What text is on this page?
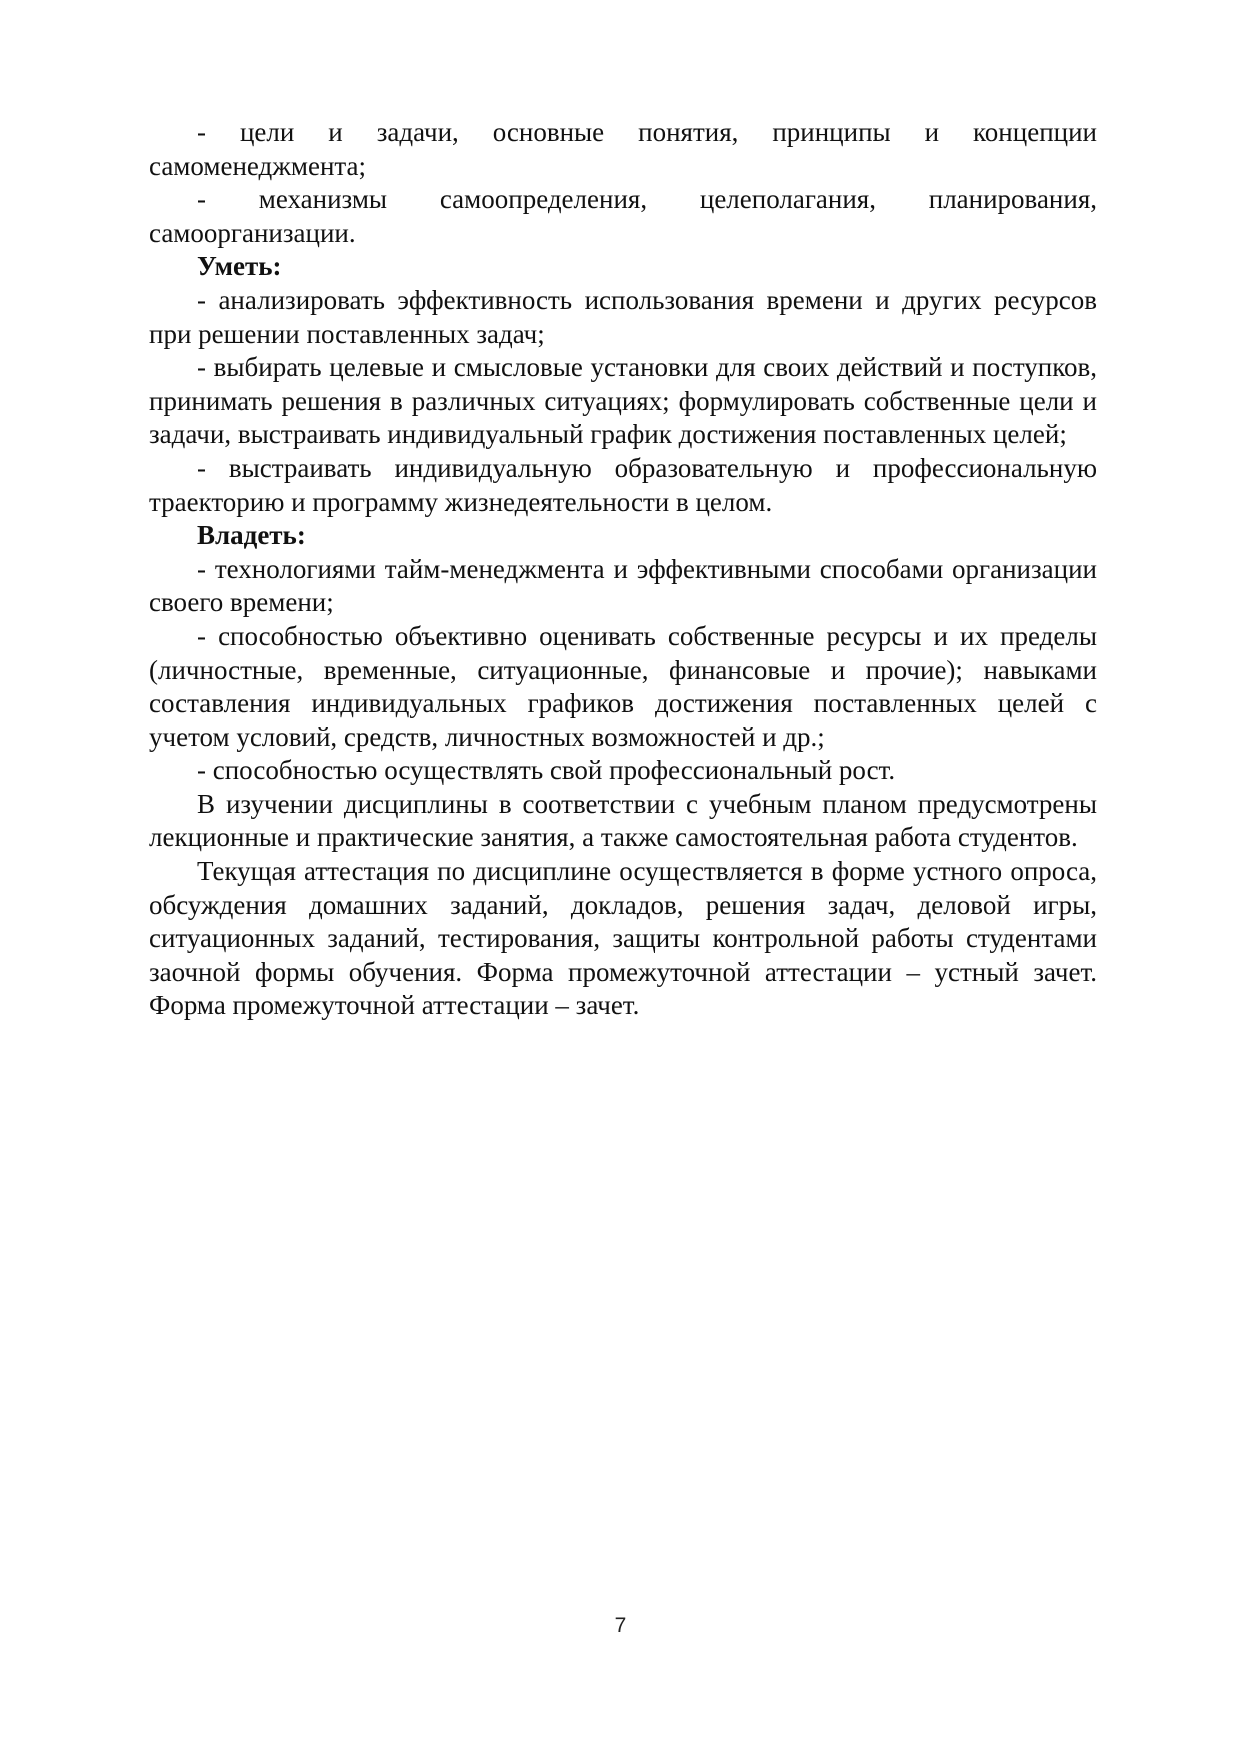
- цели и задачи, основные понятия, принципы и концепции самоменеджмента;

- механизмы самоопределения, целеполагания, планирования, самоорганизации.

Уметь:

- анализировать эффективность использования времени и других ресурсов при решении поставленных задач;

- выбирать целевые и смысловые установки для своих действий и поступков, принимать решения в различных ситуациях; формулировать собственные цели и задачи, выстраивать индивидуальный график достижения поставленных целей;

- выстраивать индивидуальную образовательную и профессиональную траекторию и программу жизнедеятельности в целом.

Владеть:

- технологиями тайм-менеджмента и эффективными способами организации своего времени;

- способностью объективно оценивать собственные ресурсы и их пределы (личностные, временные, ситуационные, финансовые и прочие); навыками составления индивидуальных графиков достижения поставленных целей с учетом условий, средств, личностных возможностей и др.;

- способностью осуществлять свой профессиональный рост.

В изучении дисциплины в соответствии с учебным планом предусмотрены лекционные и практические занятия, а также самостоятельная работа студентов.

Текущая аттестация по дисциплине осуществляется в форме устного опроса, обсуждения домашних заданий, докладов, решения задач, деловой игры, ситуационных заданий, тестирования, защиты контрольной работы студентами заочной формы обучения. Форма промежуточной аттестации – устный зачет. Форма промежуточной аттестации – зачет.

7
